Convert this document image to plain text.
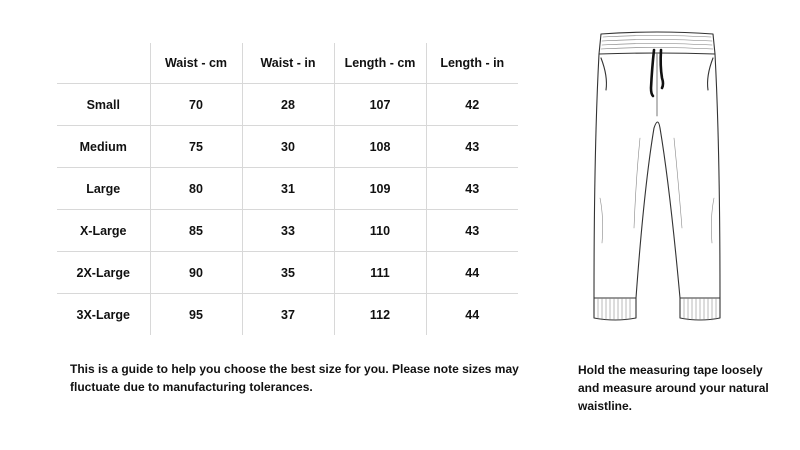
	Waist - cm	Waist - in	Length - cm	Length - in
Small	70	28	107	42
Medium	75	30	108	43
Large	80	31	109	43
X-Large	85	33	110	43
2X-Large	90	35	111	44
3X-Large	95	37	112	44
This is a guide to help you choose the best size for you. Please note sizes may fluctuate due to manufacturing tolerances.
Hold the measuring tape loosely and measure around your natural waistline.
